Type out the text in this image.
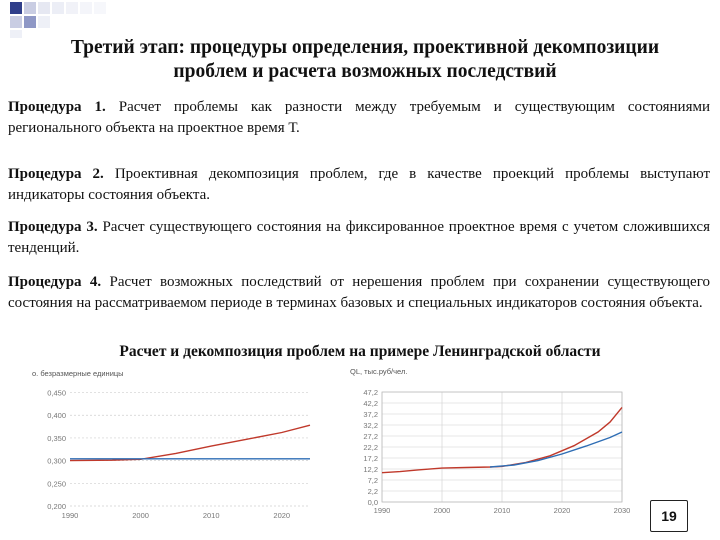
Третий этап: процедуры определения, проективной декомпозиции
проблем и расчета возможных последствий
Процедура 1. Расчет проблемы как разности между требуемым и существующим состояниями регионального объекта на проектное время Т.
Процедура 2. Проективная декомпозиция проблем, где в качестве проекций проблемы выступают индикаторы состояния объекта.
Процедура 3. Расчет существующего состояния на фиксированное проектное время с учетом сложившихся тенденций.
Процедура 4. Расчет возможных последствий от нерешения проблем при сохранении существующего состояния на рассматриваемом периоде в терминах базовых и специальных индикаторов состояния объекта.
Расчет и декомпозиция проблем на примере Ленинградской области
о. безразмерные единицы
0,200
0,250
0,300
0,350
0,400
0,450
1990	2000	2010	2020
QL, тыс.руб/чел.
0,0
2,2
7,2
12,2
17,2
22,2
27,2
32,2
37,2
42,2
47,2
1990	2000	2010	2020	2030	19
